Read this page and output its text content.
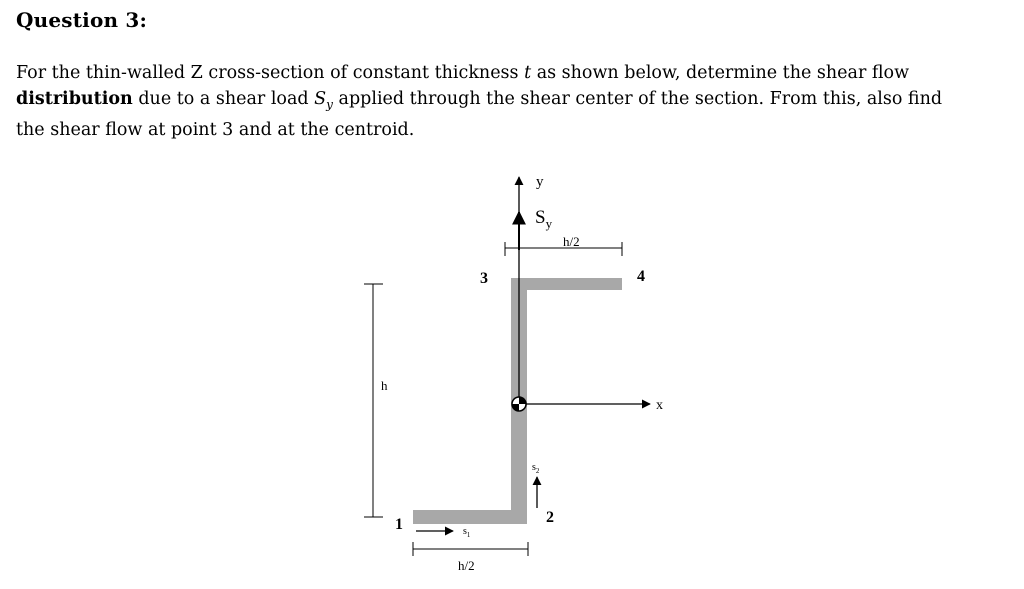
Question 3:
For the thin-walled Z cross-section of constant thickness t as shown below, determine the shear flow
distribution due to a shear load $S_y$ applied through the shear center of the section. From this, also find
the shear flow at point 3 and at the centroid.
y
$S_y$
h/2
3	4
1	2
h
x
$s_2$
$s_1$
h/2
